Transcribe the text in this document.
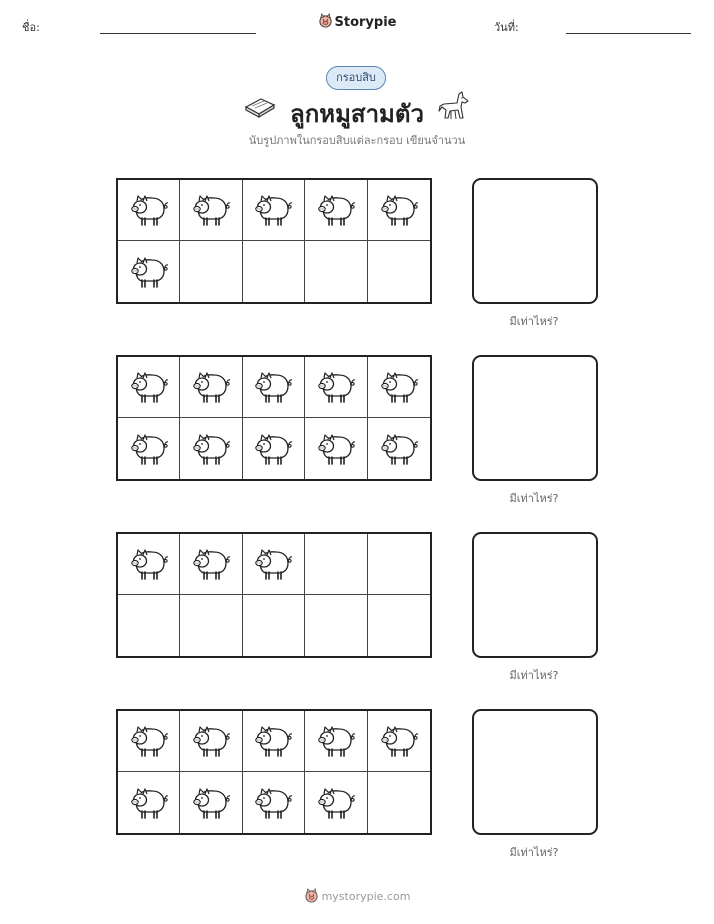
ชื่อ:	Storypie	วันที่:
กรอบสิบ
ลูกหมูสามตัว
นับรูปภาพในกรอบสิบแต่ละกรอบ เขียนจำนวน
มีเท่าไหร่?
มีเท่าไหร่?
มีเท่าไหร่?
มีเท่าไหร่?
mystorypie.com
